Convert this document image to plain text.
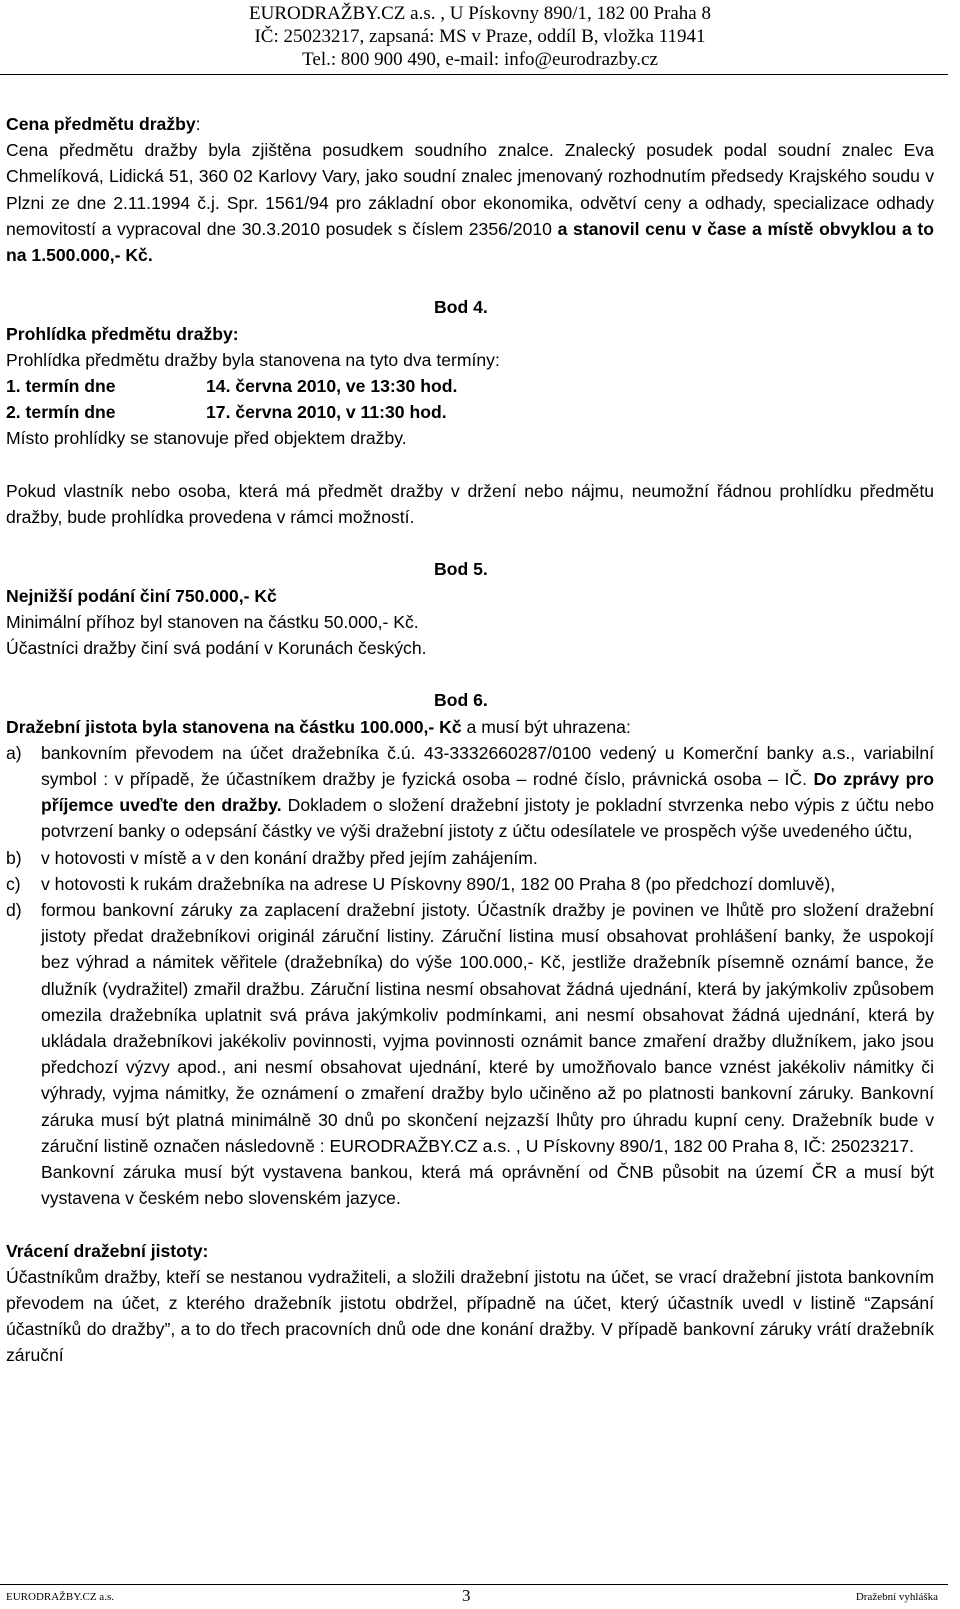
EURODRAŽBY.CZ a.s. , U Pískovny 890/1, 182 00 Praha 8
IČ: 25023217, zapsaná: MS v Praze, oddíl B, vložka 11941
Tel.: 800 900 490, e-mail: info@eurodrazby.cz

Cena předmětu dražby:

Cena předmětu dražby byla zjištěna posudkem soudního znalce. Znalecký posudek podal soudní znalec Eva Chmelíková, Lidická 51, 360 02 Karlovy Vary, jako soudní znalec jmenovaný rozhodnutím předsedy Krajského soudu v Plzni ze dne 2.11.1994 č.j. Spr. 1561/94 pro základní obor ekonomika, odvětví ceny a odhady, specializace odhady nemovitostí a vypracoval dne 30.3.2010 posudek s číslem 2356/2010 a stanovil cenu v čase a místě obvyklou a to na 1.500.000,- Kč.

Bod 4.

Prohlídka předmětu dražby:

Prohlídka předmětu dražby byla stanovena na tyto dva termíny:

1. termín dne	14. června 2010, ve 13:30 hod.
2. termín dne	17. června 2010, v 11:30 hod.

Místo prohlídky se stanovuje před objektem dražby.

Pokud vlastník nebo osoba, která má předmět dražby v držení nebo nájmu, neumožní řádnou prohlídku předmětu dražby, bude prohlídka provedena v rámci možností.

Bod 5.

Nejnižší podání činí 750.000,- Kč

Minimální příhoz byl stanoven na částku 50.000,- Kč.

Účastníci dražby činí svá podání v Korunách českých.

Bod 6.

Dražební jistota byla stanovena na částku 100.000,- Kč a musí být uhrazena:

a)	bankovním převodem na účet dražebníka č.ú. 43-3332660287/0100 vedený u Komerční banky a.s., variabilní symbol : v případě, že účastníkem dražby je fyzická osoba – rodné číslo, právnická osoba – IČ. Do zprávy pro příjemce uveďte den dražby. Dokladem o složení dražební jistoty je pokladní stvrzenka nebo výpis z účtu nebo potvrzení banky o odepsání částky ve výši dražební jistoty z účtu odesílatele ve prospěch výše uvedeného účtu,
b)	v hotovosti v místě a v den konání dražby před jejím zahájením.
c)	v hotovosti k rukám dražebníka na adrese U Pískovny 890/1, 182 00 Praha 8 (po předchozí domluvě),
d)	formou bankovní záruky za zaplacení dražební jistoty. Účastník dražby je povinen ve lhůtě pro složení dražební jistoty předat dražebníkovi originál záruční listiny. Záruční listina musí obsahovat prohlášení banky, že uspokojí bez výhrad a námitek věřitele (dražebníka) do výše 100.000,- Kč, jestliže dražebník písemně oznámí bance, že dlužník (vydražitel) zmařil dražbu. Záruční listina nesmí obsahovat žádná ujednání, která by jakýmkoliv způsobem omezila dražebníka uplatnit svá práva jakýmkoliv podmínkami, ani nesmí obsahovat žádná ujednání, která by ukládala dražebníkovi jakékoliv povinnosti, vyjma povinnosti oznámit bance zmaření dražby dlužníkem, jako jsou předchozí výzvy apod., ani nesmí obsahovat ujednání, které by umožňovalo bance vznést jakékoliv námitky či výhrady, vyjma námitky, že oznámení o zmaření dražby bylo učiněno až po platnosti bankovní záruky. Bankovní záruka musí být platná minimálně 30 dnů po skončení nejzazší lhůty pro úhradu kupní ceny. Dražebník bude v záruční listině označen následovně : EURODRAŽBY.CZ a.s. , U Pískovny 890/1, 182 00 Praha 8, IČ: 25023217.
Bankovní záruka musí být vystavena bankou, která má oprávnění od ČNB působit na území ČR a musí být vystavena v českém nebo slovenském jazyce.

Vrácení dražební jistoty:

Účastníkům dražby, kteří se nestanou vydražiteli, a složili dražební jistotu na účet, se vrací dražební jistota bankovním převodem na účet, z kterého dražebník jistotu obdržel, případně na účet, který účastník uvedl v listině “Zapsání účastníků do dražby”, a to do třech pracovních dnů ode dne konání dražby. V případě bankovní záruky vrátí dražebník záruční

EURODRAŽBY.CZ a.s.	3	Dražební vyhláška
